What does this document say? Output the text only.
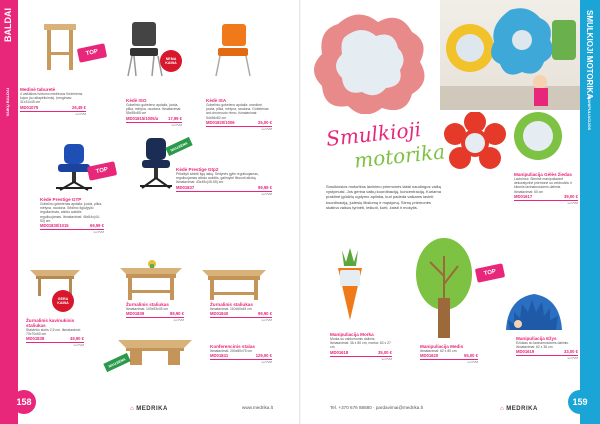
BALDAI
VAIKŲ BALDAI
SMULKIOJI MOTORIKA
MANIPULIACIJOS
TOP
NEMA KAINA
Medinė taburetė
4 vaikiškos tvirtumo medienos Kedrinėms kojos (su atlapėlis/mis). Įrengimas: 31x31x45 cm
MD01075	26,49 €
su PVM
Kėdė ISO
Gobelinio gobeleno apdaila, juoda, pilka, mėlyna, raudona. Išmatavimai: 55x55x85 cm
MD01815/1005/a 17,99 €
su PVM
Kėdė ISA
Gobelinio gobeleno apdaila: oranžinė, juoda, pilka, mėlyna, raudona. Gobelenas ant chromuoto rėmo. Išmatavimai: 54x56x82 cm
MD01820/1006	25,00 €
su PVM
TOP
NAUJIENA
Kėdė Prestige GTP
Gobelino gobelenas apdaila: juoda, pilka, mėlyna, raudona. Sėdimo ilgio/gylio reguliavimas, atlošo aukštis reguliuojamas. Išmatavimai: 46x54x(44-53) cm
MD01830/1015	69,99 €
su PVM
Kėdė Prestige Gtp2
Pritaikyti sėdėti ilgą laiką. Sėdynės gylis reguliuojamas, reguliuojamas atlošo aukštis, galimybė fiksuoti atlošą. Išmatavimai: 43x45x(45-55) cm
MD01837	99,99 €
su PVM
GERA KAINA
Žurnalinis kavinukinis staliukas
Stalviršio storis 2,5 cm. Išmatavimai: 70x70x50 cm
MD01838	49,90 €
su PVM
Žurnalinis staliukas
Išmatavimai: 100x53x45 cm
MD01839	89,90 €
su PVM
Žurnalinis staliukas
Išmatavimai: 110x60x45 cm
MD01840	99,90 €
su PVM
NAUJIENA
Konferencinis stalas
Išmatavimai: 200x80x75 cm
MD01841	129,00 €
su PVM
158
⌂ MEDRIKA	www.medrika.lt
Smulkioji
motorika
Smulkiosios motorikos lavinimo priemonės labai naudingos vaikų vystymuisi. Jos gerina vaikų koordinaciją, koncentraciją. Kuriama praktinė įgūdžių ugdymo aplinka, kuri padeda vaikams lavinti koordinaciją, judesių tikslumą ir mąstymą. Sienų priemonės skatina vaikus tyrinėti, ieškoti, kurti, žaisti ir mokytis.
Manipuliacija Gėlės žiedas
Lavinimui. Sieninė manipuliacinė dekoratyvinė priemonė su veidrodžiu ir kitomis lavinamosiomis dalimis. Išmatavimai: 60 cm
MD01617	39,00 €
su PVM
Manipuliacija Morka
Morka su valdomomis dalimis. Išmatavimai: 36 x 80 cm, morka: 63 x 27 cm
MD01618	35,00 €
su PVM
TOP
Manipuliacija Medis
Išmatavimai: 62 x 80 cm
MD01620	55,00 €
su PVM
Manipuliacija Ežys
Ežiukas su lavinamosiomis dalimis. Išmatavimai: 62 x 36 cm
MD01619	33,00 €
su PVM
Tel. +370 676 88680 · pardavimai@medrika.lt	⌂ MEDRIKA
159
